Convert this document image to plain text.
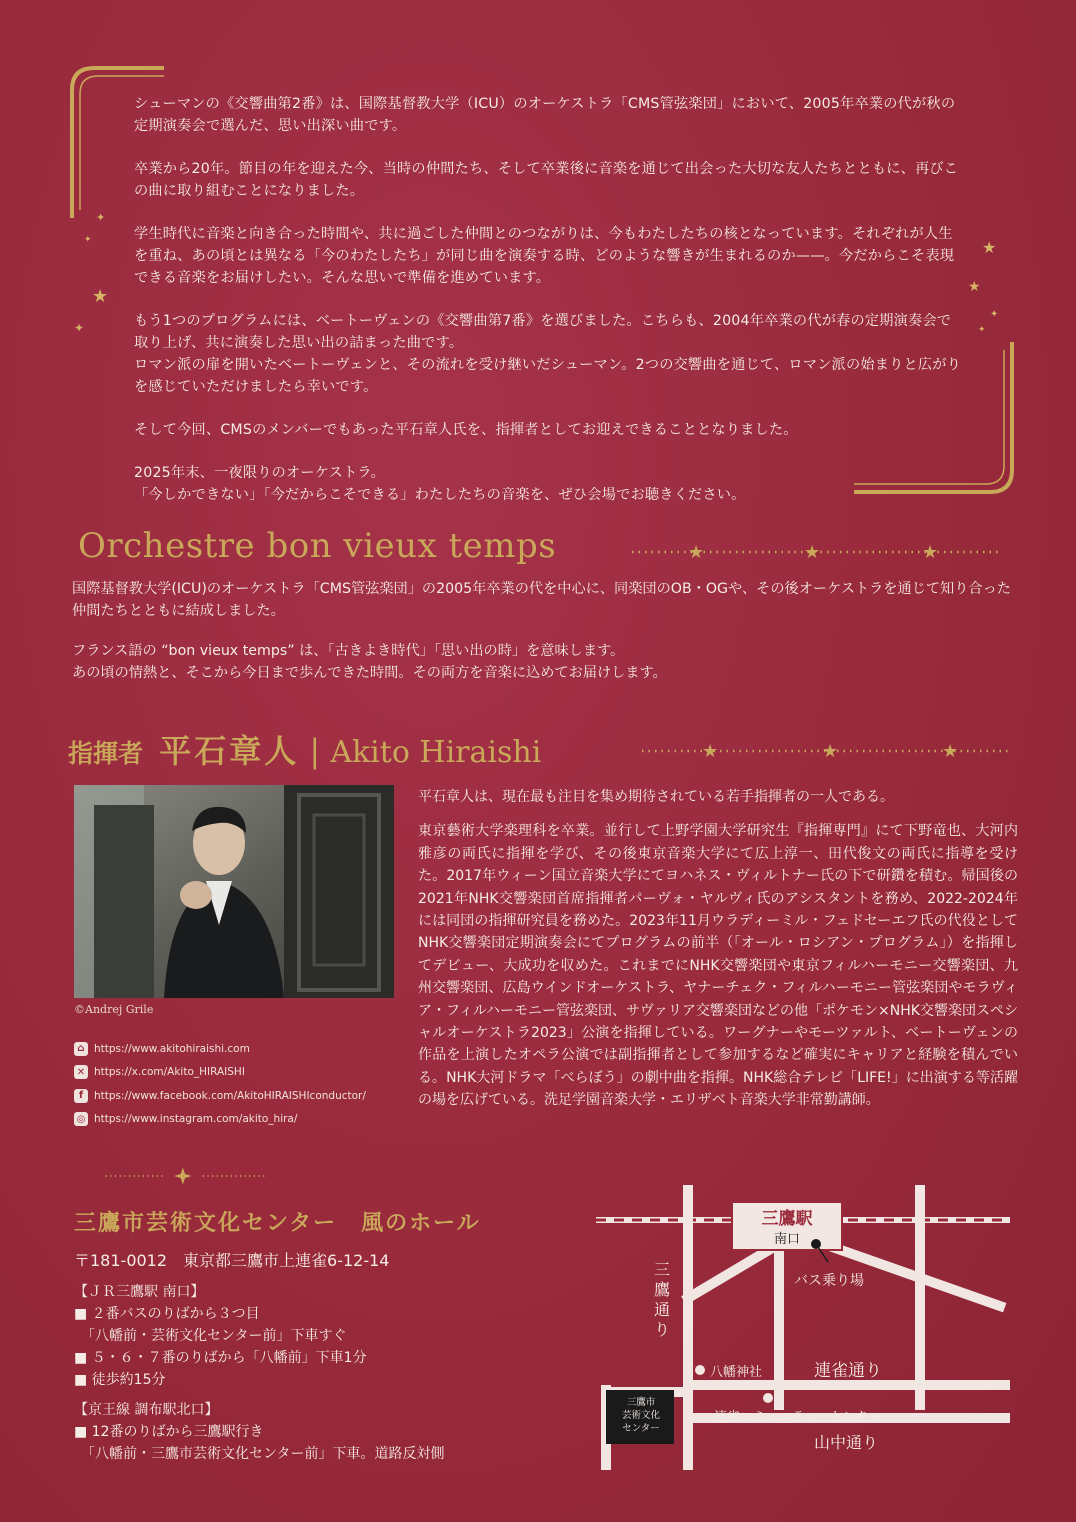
✦
✦
★
✦
★
★
✦
✦

シューマンの《交響曲第2番》は、国際基督教大学（ICU）のオーケストラ「CMS管弦楽団」において、2005年卒業の代が秋の定期演奏会で選んだ、思い出深い曲です。

卒業から20年。節目の年を迎えた今、当時の仲間たち、そして卒業後に音楽を通じて出会った大切な友人たちとともに、再びこの曲に取り組むことになりました。

学生時代に音楽と向き合った時間や、共に過ごした仲間とのつながりは、今もわたしたちの核となっています。それぞれが人生を重ね、あの頃とは異なる「今のわたしたち」が同じ曲を演奏する時、どのような響きが生まれるのか——。今だからこそ表現できる音楽をお届けしたい。そんな思いで準備を進めています。

もう1つのプログラムには、ベートーヴェンの《交響曲第7番》を選びました。こちらも、2004年卒業の代が春の定期演奏会で取り上げ、共に演奏した思い出の詰まった曲です。
ロマン派の扉を開いたベートーヴェンと、その流れを受け継いだシューマン。2つの交響曲を通じて、ロマン派の始まりと広がりを感じていただけましたら幸いです。

そして今回、CMSのメンバーでもあった平石章人氏を、指揮者としてお迎えできることとなりました。

2025年末、一夜限りのオーケストラ。
「今しかできない」「今だからこそできる」わたしたちの音楽を、ぜひ会場でお聴きください。

Orchestre bon vieux temps	★	★	★

国際基督教大学(ICU)のオーケストラ「CMS管弦楽団」の2005年卒業の代を中心に、同楽団のOB・OGや、その後オーケストラを通じて知り合った仲間たちとともに結成しました。

フランス語の “bon vieux temps” は、「古きよき時代」「思い出の時」を意味します。
あの頃の情熱と、そこから今日まで歩んできた時間。その両方を音楽に込めてお届けします。

指揮者 平石章人 | Akito Hiraishi	★	★	★
©Andrej Grile
⌂ https://www.akitohiraishi.com
✕ https://x.com/Akito_HIRAISHI
f	https://www.facebook.com/AkitoHIRAISHIconductor/
◎ https://www.instagram.com/akito_hira/

平石章人は、現在最も注目を集め期待されている若手指揮者の一人である。

東京藝術大学楽理科を卒業。並行して上野学園大学研究生『指揮専門』にて下野竜也、大河内雅彦の両氏に指揮を学び、その後東京音楽大学にて広上淳一、田代俊文の両氏に指導を受けた。2017年ウィーン国立音楽大学にてヨハネス・ヴィルトナー氏の下で研鑽を積む。帰国後の2021年NHK交響楽団首席指揮者パーヴォ・ヤルヴィ氏のアシスタントを務め、2022-2024年には同団の指揮研究員を務めた。2023年11月ウラディーミル・フェドセーエフ氏の代役としてNHK交響楽団定期演奏会にてプログラムの前半（「オール・ロシアン・プログラム」）を指揮してデビュー、大成功を収めた。これまでにNHK交響楽団や東京フィルハーモニー交響楽団、九州交響楽団、広島ウインドオーケストラ、ヤナーチェク・フィルハーモニー管弦楽団やモラヴィア・フィルハーモニー管弦楽団、サヴァリア交響楽団などの他「ポケモン×NHK交響楽団スペシャルオーケストラ2023」公演を指揮している。ワーグナーやモーツァルト、ベートーヴェンの作品を上演したオペラ公演では副指揮者として参加するなど確実にキャリアと経験を積んでいる。NHK大河ドラマ「べらぼう」の劇中曲を指揮。NHK総合テレビ「LIFE!」に出演する等活躍の場を広げている。洗足学園音楽大学・エリザベト音楽大学非常勤講師。

三鷹市芸術文化センター　風のホール
〒181-0012　東京都三鷹市上連雀6-12-14
【ＪＲ三鷹駅 南口】
■ ２番バスのりばから３つ目
　「八幡前・芸術文化センター前」下車すぐ
■ ５・６・７番のりばから「八幡前」下車1分
■ 徒歩約15分
【京王線 調布駅北口】
■ 12番のりばから三鷹駅行き
　「八幡前・三鷹市芸術文化センター前」下車。道路反対側
三鷹駅
南口
バス乗り場
三鷹通り
八幡神社	連雀通り
連雀コミュニティ・センター
山中通り
三鷹市
芸術文化
センター
